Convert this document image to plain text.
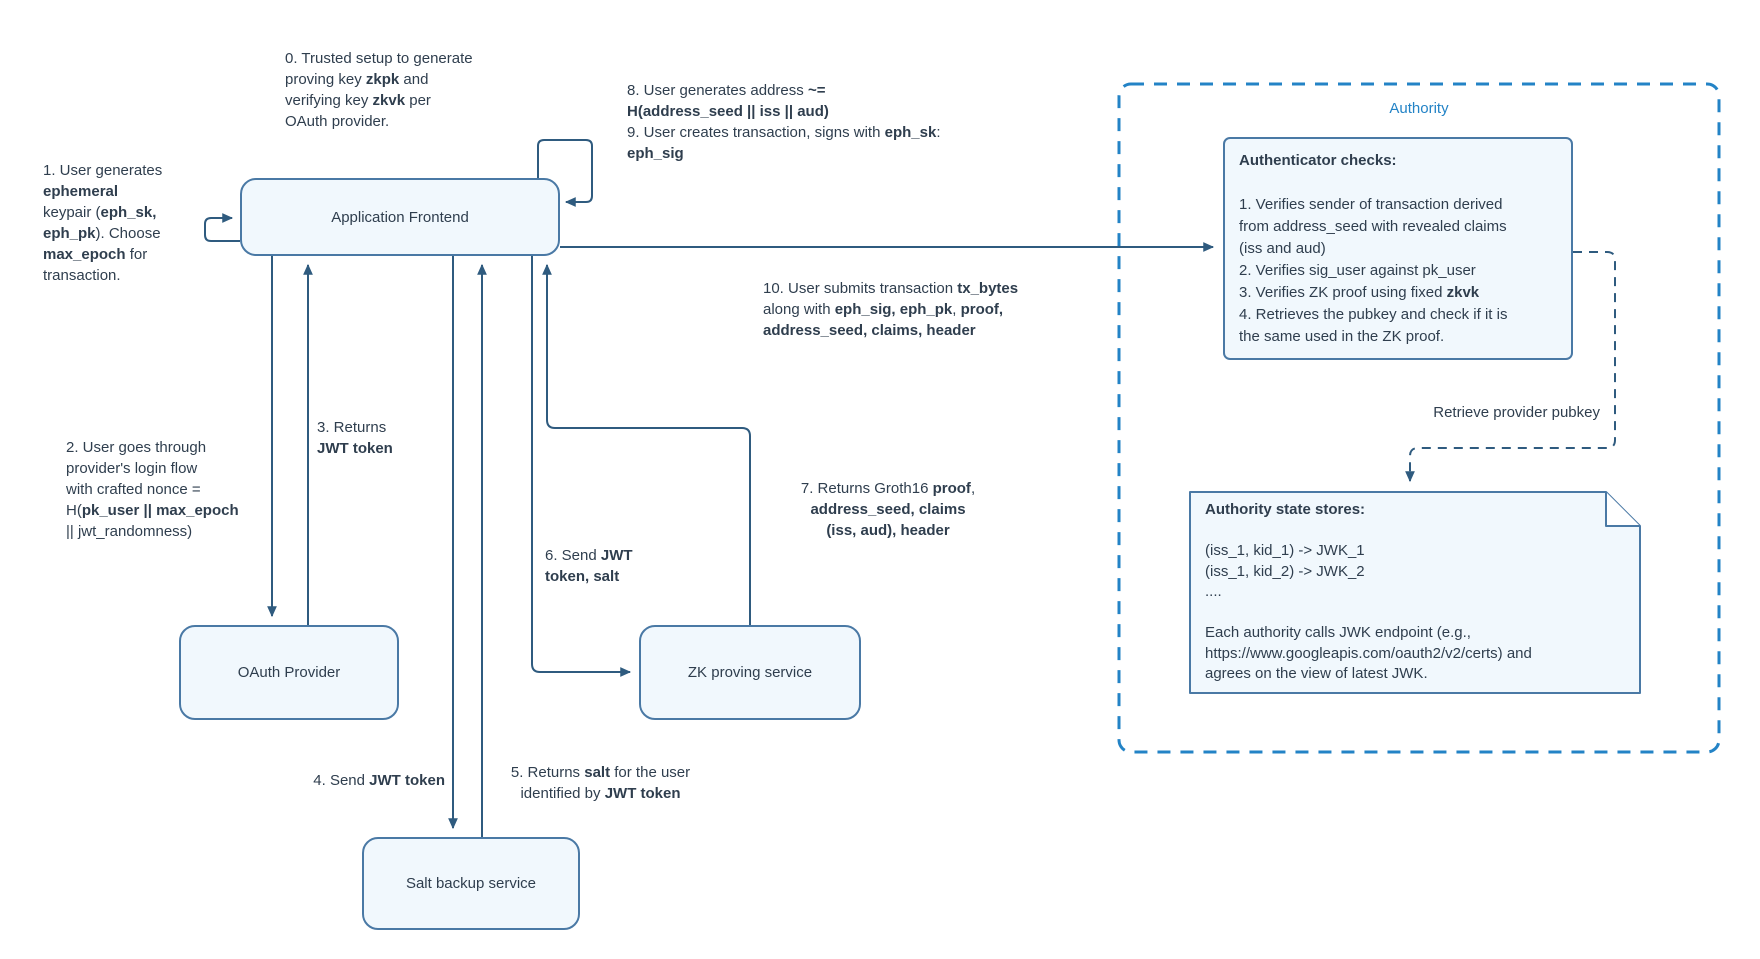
Application Frontend
OAuth Provider	ZK proving service
Salt backup service
Authority
Authenticator checks:

1. Verifies sender of transaction derived
from address_seed with revealed claims
(iss and aud)
2. Verifies sig_user against pk_user
3. Verifies ZK proof using fixed zkvk
4. Retrieves the pubkey and check if it is
the same used in the ZK proof.
Authority state stores:

(iss_1, kid_1) -> JWK_1
(iss_1, kid_2) -> JWK_2
....

Each authority calls JWK endpoint (e.g.,
https://www.googleapis.com/oauth2/v2/certs) and
agrees on the view of latest JWK.
Retrieve provider pubkey
0. Trusted setup to generate
proving key zkpk and
verifying key zkvk per
OAuth provider.
1. User generates
ephemeral
keypair (eph_sk,
eph_pk). Choose
max_epoch for
transaction.
2. User goes through
provider's login flow
with crafted nonce =
H(pk_user || max_epoch
|| jwt_randomness)
3. Returns
JWT token
4. Send JWT token	5. Returns salt for the user
identified by JWT token
6. Send JWT
token, salt
7. Returns Groth16 proof,
address_seed, claims
(iss, aud), header
8. User generates address ~=
H(address_seed || iss || aud)
9. User creates transaction, signs with eph_sk:
eph_sig
10. User submits transaction tx_bytes
along with eph_sig, eph_pk, proof,
address_seed, claims, header
